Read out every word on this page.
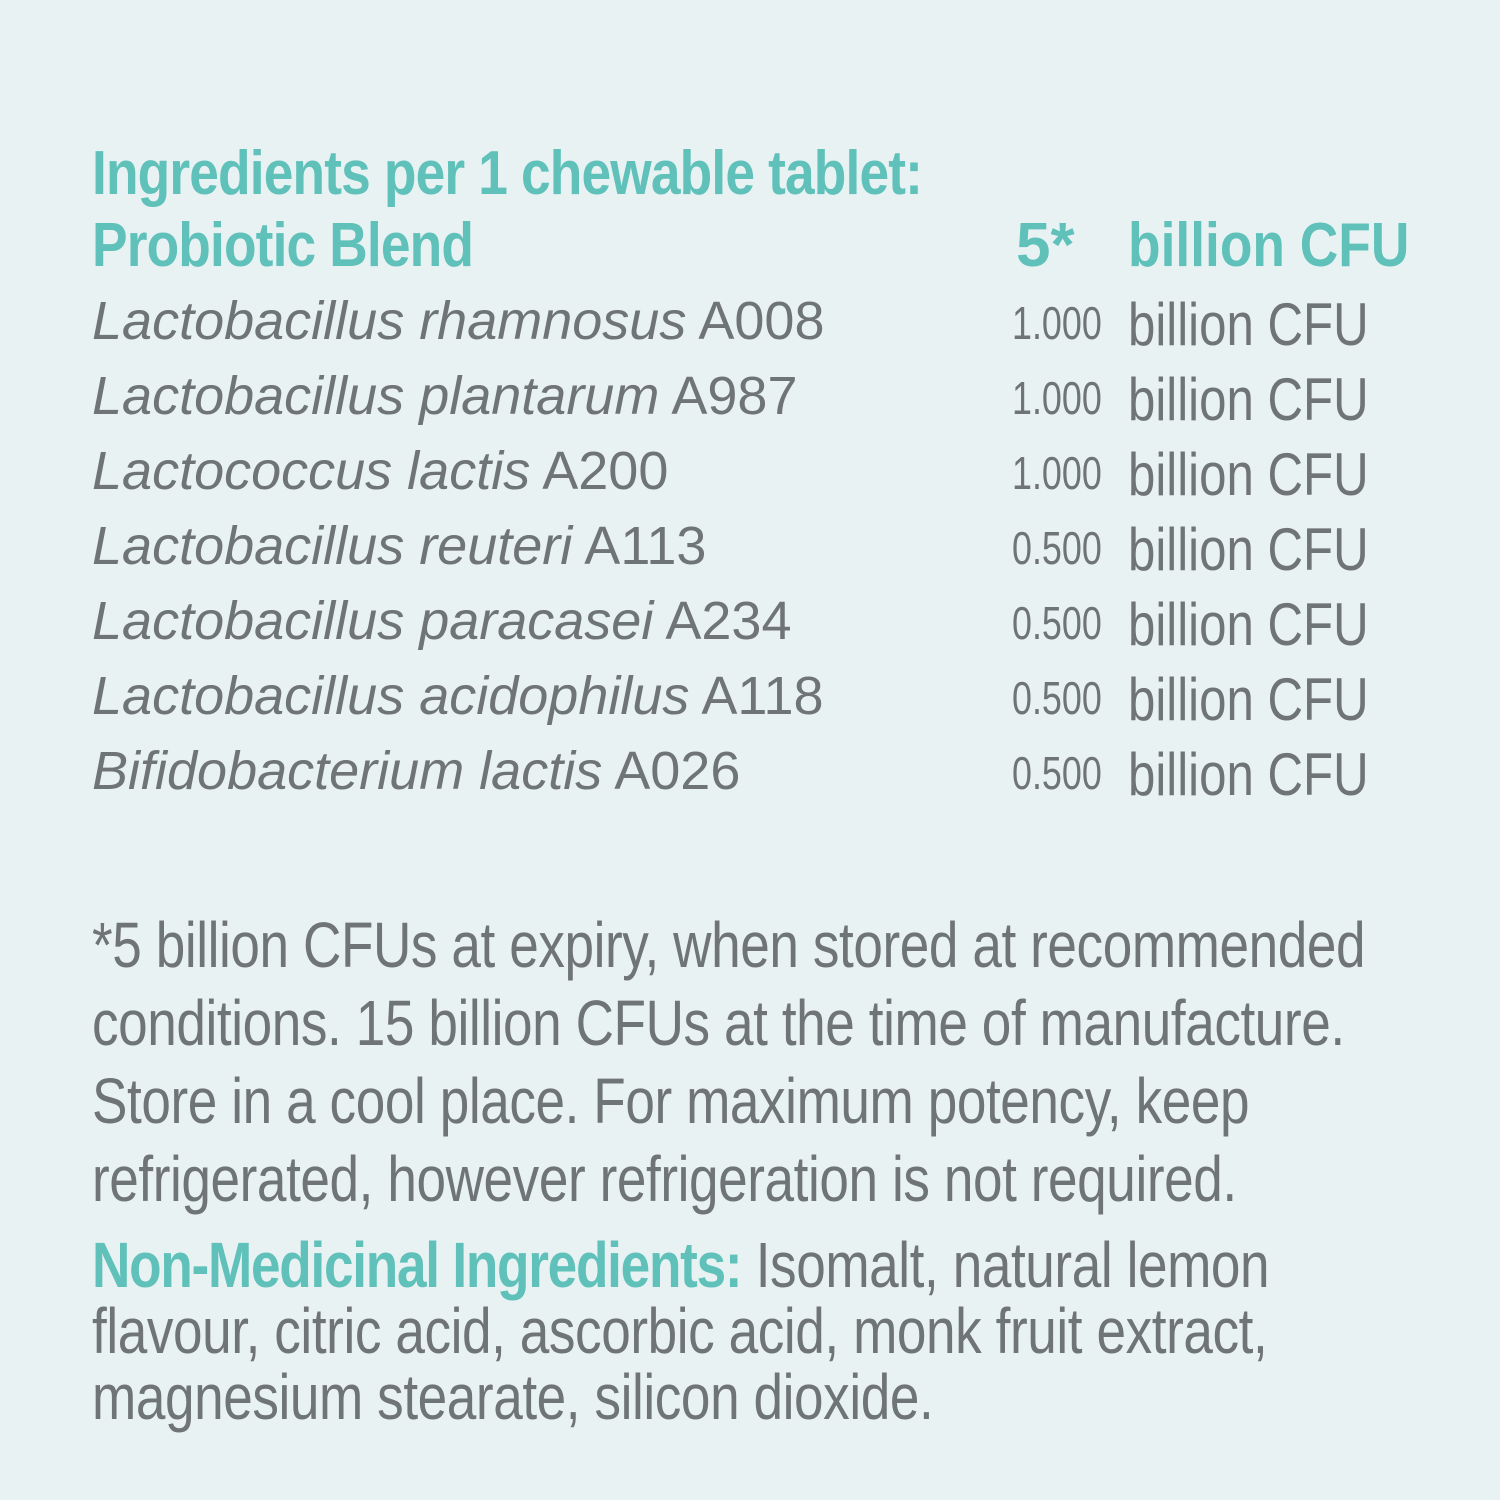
Ingredients per 1 chewable tablet:
Probiotic Blend	5* billion CFU
Lactobacillus rhamnosus A008	1.000 billion CFU
Lactobacillus plantarum A987	1.000 billion CFU
Lactococcus lactis A200	1.000 billion CFU
Lactobacillus reuteri A113	0.500 billion CFU
Lactobacillus paracasei A234	0.500 billion CFU
Lactobacillus acidophilus A118	0.500 billion CFU
Bifidobacterium lactis A026	0.500 billion CFU

*5 billion CFUs at expiry, when stored at recommended conditions. 15 billion CFUs at the time of manufacture. Store in a cool place. For maximum potency, keep refrigerated, however refrigeration is not required.

Non-Medicinal Ingredients: Isomalt, natural lemon flavour, citric acid, ascorbic acid, monk fruit extract, magnesium stearate, silicon dioxide.
